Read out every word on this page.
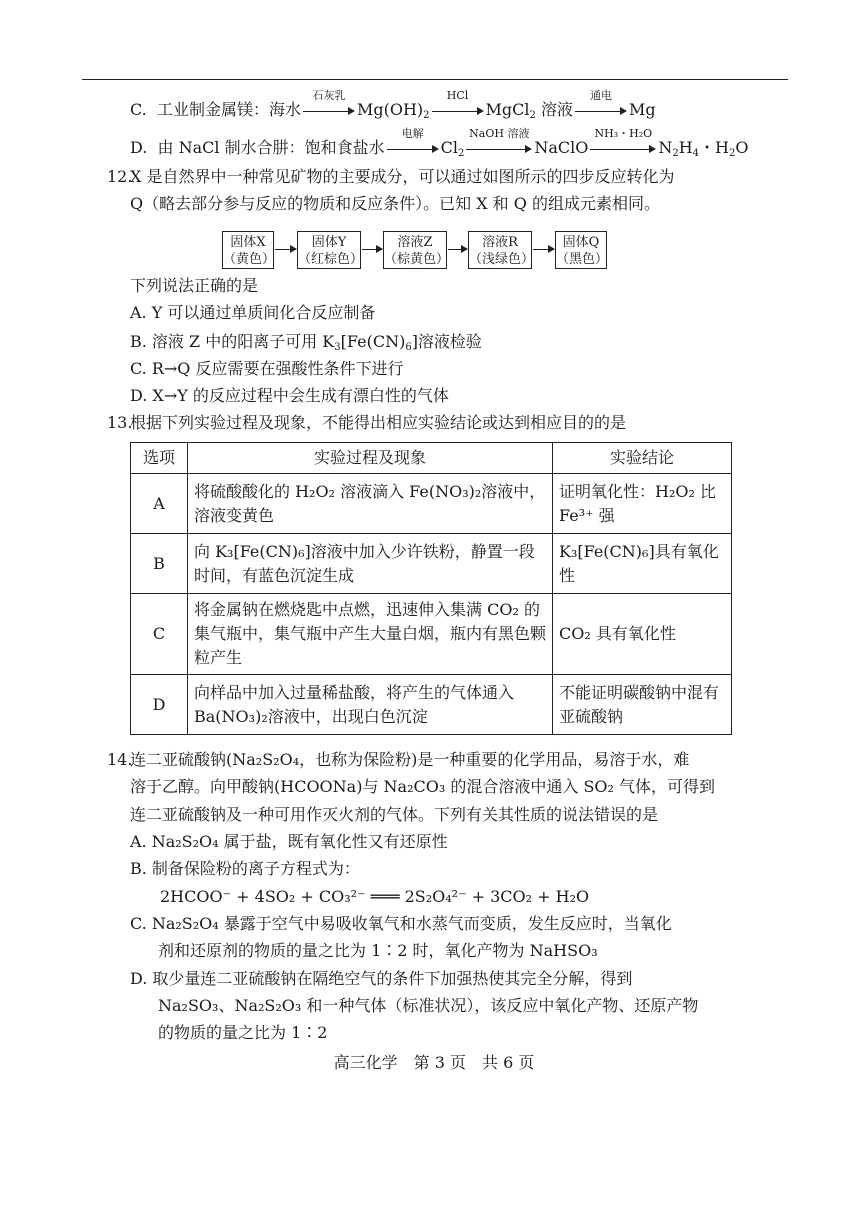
C. 工业制金属镁：海水
石灰乳
$Mg(OH)_2$
HCl
MgCl$_2$ 溶液
通电
Mg
D. 由 NaCl 制水合肼：饱和食盐水
电解
$Cl_2$
NaOH 溶液
NaClO
NH₃・H₂O
$N_2H_4$・$H_2O$
12.
X 是自然界中一种常见矿物的主要成分，可以通过如图所示的四步反应转化为
Q（略去部分参与反应的物质和反应条件）。已知 X 和 Q 的组成元素相同。
固体X
（黄色）
固体Y
（红棕色）
溶液Z
（棕黄色）
溶液R
（浅绿色）
固体Q
（黑色）
下列说法正确的是
A. Y 可以通过单质间化合反应制备
B. 溶液 Z 中的阳离子可用 $K_3[Fe(CN)_6]$溶液检验
C. R→Q 反应需要在强酸性条件下进行
D. X→Y 的反应过程中会生成有漂白性的气体
13.
根据下列实验过程及现象，不能得出相应实验结论或达到相应目的的是
选项	实验过程及现象	实验结论
A	将硫酸酸化的 H₂O₂ 溶液滴入 Fe(NO₃)₂溶液中，溶液变黄色	证明氧化性：H₂O₂ 比 Fe³⁺ 强
B	向 K₃[Fe(CN)₆]溶液中加入少许铁粉，静置一段时间，有蓝色沉淀生成	K₃[Fe(CN)₆]具有氧化性
C	将金属钠在燃烧匙中点燃，迅速伸入集满 CO₂ 的集气瓶中，集气瓶中产生大量白烟，瓶内有黑色颗粒产生	CO₂ 具有氧化性
D	向样品中加入过量稀盐酸，将产生的气体通入 Ba(NO₃)₂溶液中，出现白色沉淀	不能证明碳酸钠中混有亚硫酸钠
14.
连二亚硫酸钠(Na₂S₂O₄，也称为保险粉)是一种重要的化学用品，易溶于水，难
溶于乙醇。向甲酸钠(HCOONa)与 Na₂CO₃ 的混合溶液中通入 SO₂ 气体，可得到
连二亚硫酸钠及一种可用作灭火剂的气体。下列有关其性质的说法错误的是
A. Na₂S₂O₄ 属于盐，既有氧化性又有还原性
B. 制备保险粉的离子方程式为：
2HCOO⁻ + 4SO₂ + CO₃²⁻ ═══ 2S₂O₄²⁻ + 3CO₂ + H₂O
C. Na₂S₂O₄ 暴露于空气中易吸收氧气和水蒸气而变质，发生反应时，当氧化
剂和还原剂的物质的量之比为 1∶2 时，氧化产物为 NaHSO₃
D. 取少量连二亚硫酸钠在隔绝空气的条件下加强热使其完全分解，得到
Na₂SO₃、Na₂S₂O₃ 和一种气体（标准状况），该反应中氧化产物、还原产物
的物质的量之比为 1∶2
高三化学　第 3 页　共 6 页
